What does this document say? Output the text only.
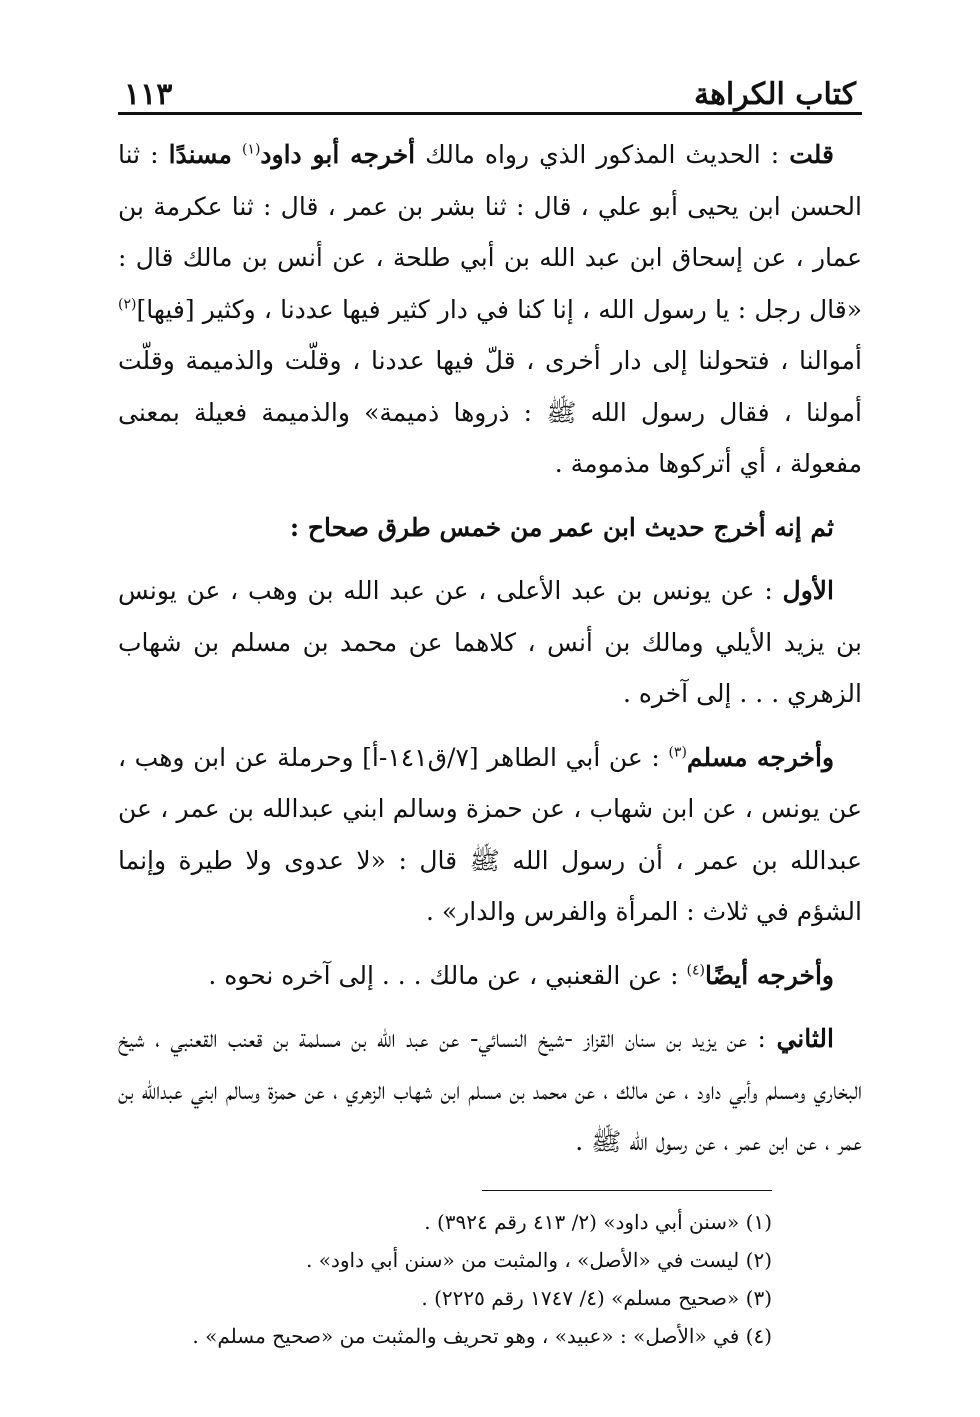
كتاب الكراهة
١١٣

قلت : الحديث المذكور الذي رواه مالك أخرجه أبو داود$^{(١)}$ مسندًا : ثنا الحسن ابن يحيى أبو علي ، قال : ثنا بشر بن عمر ، قال : ثنا عكرمة بن عمار ، عن إسحاق ابن عبد الله بن أبي طلحة ، عن أنس بن مالك قال : «قال رجل : يا رسول الله ، إنا كنا في دار كثير فيها عددنا ، وكثير [فيها]$^{(٢)}$ أموالنا ، فتحولنا إلى دار أخرى ، قلّ فيها عددنا ، وقلّت والذميمة وقلّت أمولنا ، فقال رسول الله ﷺ : ذروها ذميمة» والذميمة فعيلة بمعنى مفعولة ، أي أتركوها مذمومة .

ثم إنه أخرج حديث ابن عمر من خمس طرق صحاح :

الأول : عن يونس بن عبد الأعلى ، عن عبد الله بن وهب ، عن يونس بن يزيد الأيلي ومالك بن أنس ، كلاهما عن محمد بن مسلم بن شهاب الزهري . . . إلى آخره .

وأخرجه مسلم$^{(٣)}$ : عن أبي الطاهر [٧/ق١٤١-أ] وحرملة عن ابن وهب ، عن يونس ، عن ابن شهاب ، عن حمزة وسالم ابني عبدالله بن عمر ، عن عبدالله بن عمر ، أن رسول الله ﷺ قال : «لا عدوى ولا طيرة وإنما الشؤم في ثلاث : المرأة والفرس والدار» .

وأخرجه أيضًا$^{(٤)}$ : عن القعنبي ، عن مالك . . . إلى آخره نحوه .

الثاني : عن يزيد بن سنان القزاز -شيخ النسائي- عن عبد الله بن مسلمة بن قعنب القعنبي ، شيخ البخاري ومسلم وأبي داود ، عن مالك ، عن محمد بن مسلم ابن شهاب الزهري ، عن حمزة وسالم ابني عبدالله بن عمر ، عن ابن عمر ، عن رسول الله ﷺ .

(١) «سنن أبي داود» (٢/ ٤١٣ رقم ٣٩٢٤) .
(٢) ليست في «الأصل» ، والمثبت من «سنن أبي داود» .
(٣) «صحيح مسلم» (٤/ ١٧٤٧ رقم ٢٢٢٥) .
(٤) في «الأصل» : «عبيد» ، وهو تحريف والمثبت من «صحيح مسلم» .
